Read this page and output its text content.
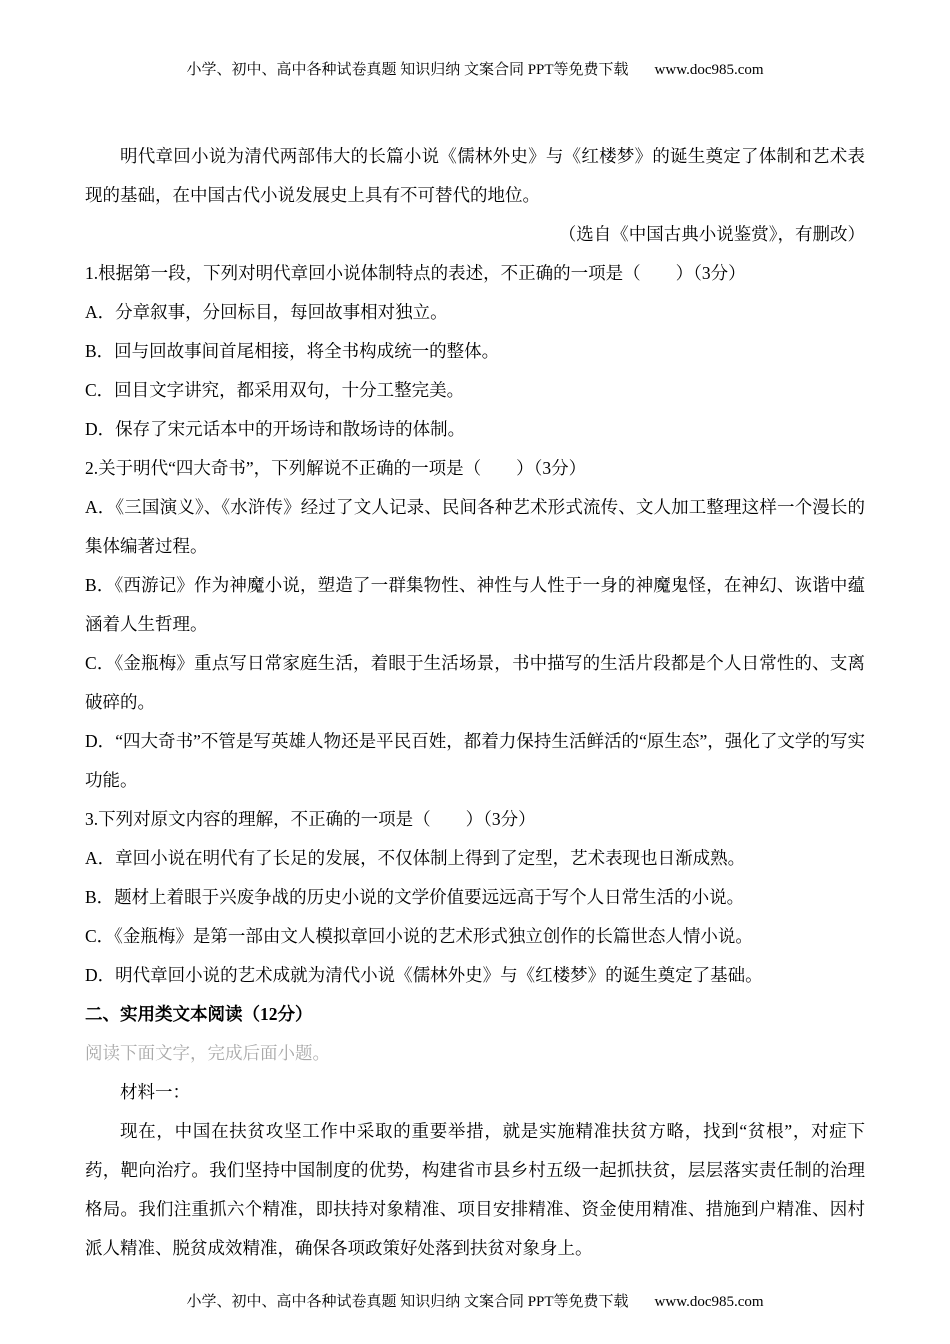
小学、初中、高中各种试卷真题 知识归纳 文案合同 PPT等免费下载 www.doc985.com

明代章回小说为清代两部伟大的长篇小说《儒林外史》与《红楼梦》的诞生奠定了体制和艺术表现的基础，在中国古代小说发展史上具有不可替代的地位。

（选自《中国古典小说鉴赏》，有删改）

1.根据第一段，下列对明代章回小说体制特点的表述，不正确的一项是（　　）（3分）

A．分章叙事，分回标目，每回故事相对独立。

B．回与回故事间首尾相接，将全书构成统一的整体。

C．回目文字讲究，都采用双句，十分工整完美。

D．保存了宋元话本中的开场诗和散场诗的体制。

2.关于明代“四大奇书”，下列解说不正确的一项是（　　）（3分）

A．《三国演义》、《水浒传》经过了文人记录、民间各种艺术形式流传、文人加工整理这样一个漫长的集体编著过程。

B．《西游记》作为神魔小说，塑造了一群集物性、神性与人性于一身的神魔鬼怪，在神幻、诙谐中蕴涵着人生哲理。

C．《金瓶梅》重点写日常家庭生活，着眼于生活场景，书中描写的生活片段都是个人日常性的、支离破碎的。

D．“四大奇书”不管是写英雄人物还是平民百姓，都着力保持生活鲜活的“原生态”，强化了文学的写实功能。

3.下列对原文内容的理解，不正确的一项是（　　）（3分）

A．章回小说在明代有了长足的发展，不仅体制上得到了定型，艺术表现也日渐成熟。

B．题材上着眼于兴废争战的历史小说的文学价值要远远高于写个人日常生活的小说。

C．《金瓶梅》是第一部由文人模拟章回小说的艺术形式独立创作的长篇世态人情小说。

D．明代章回小说的艺术成就为清代小说《儒林外史》与《红楼梦》的诞生奠定了基础。

二、实用类文本阅读（12分）

阅读下面文字，完成后面小题。

材料一：

现在，中国在扶贫攻坚工作中采取的重要举措，就是实施精准扶贫方略，找到“贫根”，对症下药，靶向治疗。我们坚持中国制度的优势，构建省市县乡村五级一起抓扶贫，层层落实责任制的治理格局。我们注重抓六个精准，即扶持对象精准、项目安排精准、资金使用精准、措施到户精准、因村派人精准、脱贫成效精准，确保各项政策好处落到扶贫对象身上。

小学、初中、高中各种试卷真题 知识归纳 文案合同 PPT等免费下载 www.doc985.com
